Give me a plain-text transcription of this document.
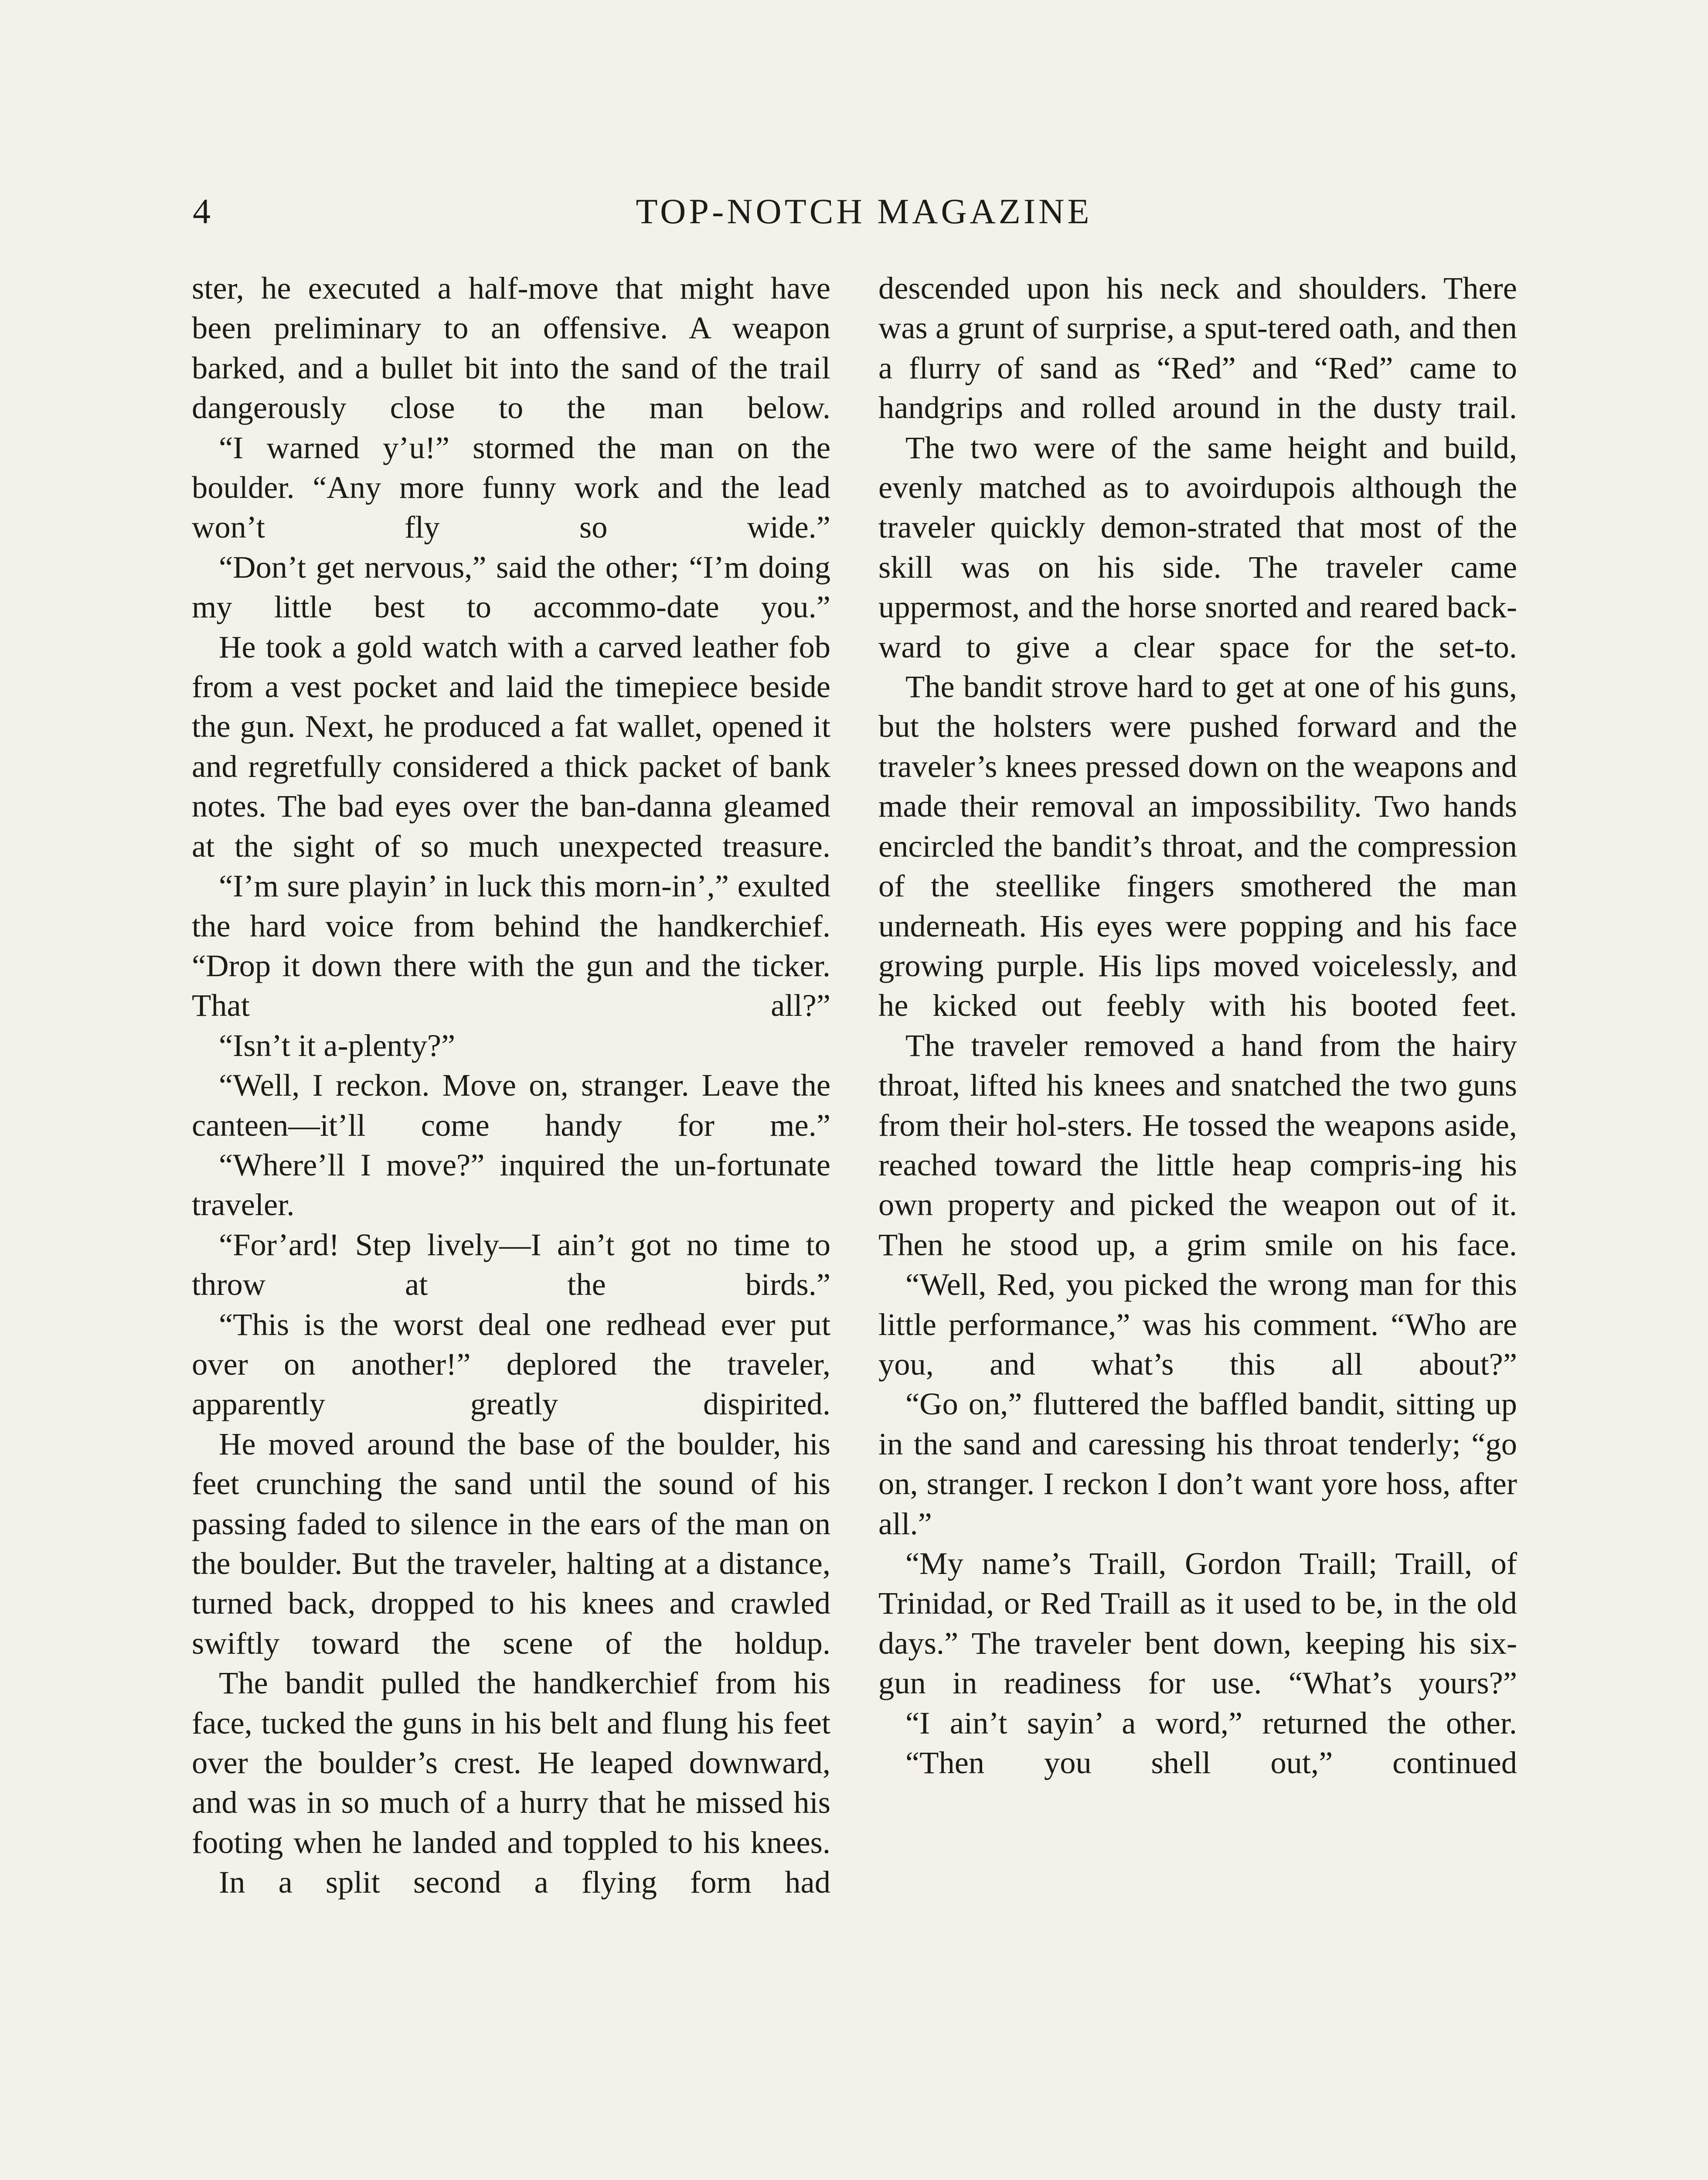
4	TOP-NOTCH MAGAZINE

ster, he executed a half-move that might have been preliminary to an offensive. A weapon barked, and a bullet bit into the sand of the trail dangerously close to the man below.

“I warned y’u!” stormed the man on the boulder. “Any more funny work and the lead won’t fly so wide.”

“Don’t get nervous,” said the other; “I’m doing my little best to accommo-date you.”

He took a gold watch with a carved leather fob from a vest pocket and laid the timepiece beside the gun. Next, he produced a fat wallet, opened it and regretfully considered a thick packet of bank notes. The bad eyes over the ban-danna gleamed at the sight of so much unexpected treasure.

“I’m sure playin’ in luck this morn-in’,” exulted the hard voice from behind the handkerchief. “Drop it down there with the gun and the ticker. That all?”

“Isn’t it a-plenty?”

“Well, I reckon. Move on, stranger. Leave the canteen—it’ll come handy for me.”

“Where’ll I move?” inquired the un-fortunate traveler.

“For’ard! Step lively—I ain’t got no time to throw at the birds.”

“This is the worst deal one redhead ever put over on another!” deplored the traveler, apparently greatly dispirited.

He moved around the base of the boulder, his feet crunching the sand until the sound of his passing faded to silence in the ears of the man on the boulder. But the traveler, halting at a distance, turned back, dropped to his knees and crawled swiftly toward the scene of the holdup.

The bandit pulled the handkerchief from his face, tucked the guns in his belt and flung his feet over the boulder’s crest. He leaped downward, and was in so much of a hurry that he missed his footing when he landed and toppled to his knees.

In a split second a flying form had

descended upon his neck and shoulders. There was a grunt of surprise, a sput-tered oath, and then a flurry of sand as “Red” and “Red” came to handgrips and rolled around in the dusty trail.

The two were of the same height and build, evenly matched as to avoirdupois although the traveler quickly demon-strated that most of the skill was on his side. The traveler came uppermost, and the horse snorted and reared back-ward to give a clear space for the set-to.

The bandit strove hard to get at one of his guns, but the holsters were pushed forward and the traveler’s knees pressed down on the weapons and made their removal an impossibility. Two hands encircled the bandit’s throat, and the compression of the steellike fingers smothered the man underneath. His eyes were popping and his face growing purple. His lips moved voicelessly, and he kicked out feebly with his booted feet.

The traveler removed a hand from the hairy throat, lifted his knees and snatched the two guns from their hol-sters. He tossed the weapons aside, reached toward the little heap compris-ing his own property and picked the weapon out of it. Then he stood up, a grim smile on his face.

“Well, Red, you picked the wrong man for this little performance,” was his comment. “Who are you, and what’s this all about?”

“Go on,” fluttered the baffled bandit, sitting up in the sand and caressing his throat tenderly; “go on, stranger. I reckon I don’t want yore hoss, after all.”

“My name’s Traill, Gordon Traill; Traill, of Trinidad, or Red Traill as it used to be, in the old days.” The traveler bent down, keeping his six-gun in readiness for use. “What’s yours?”

“I ain’t sayin’ a word,” returned the other.

“Then you shell out,” continued
